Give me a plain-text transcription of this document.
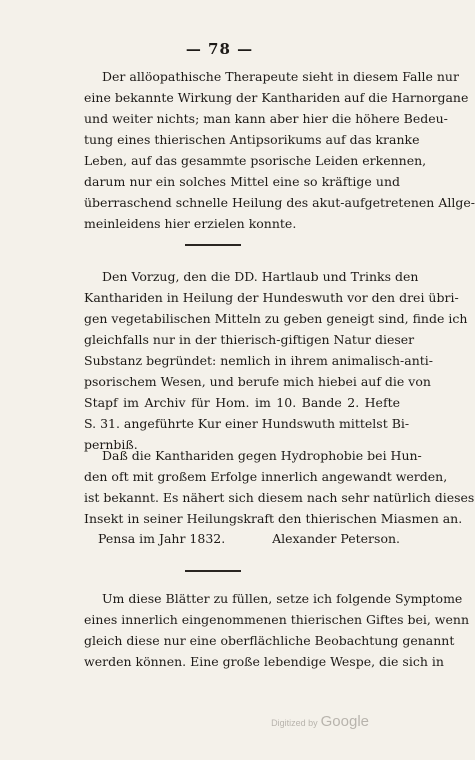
— 78 —
Der allöopathische Therapeute sieht in diesem Falle nur
eine bekannte Wirkung der Kanthariden auf die Harnorgane
und weiter nichts; man kann aber hier die höhere Bedeu-
tung eines thierischen Antipsorikums auf das kranke
Leben, auf das gesammte psorische Leiden erkennen,
darum nur ein solches Mittel eine so kräftige und
überraschend schnelle Heilung des akut-aufgetretenen Allge-
meinleidens hier erzielen konnte.
Den Vorzug, den die DD. Hartlaub und Trinks den
Kanthariden in Heilung der Hundeswuth vor den drei übri-
gen vegetabilischen Mitteln zu geben geneigt sind, finde ich
gleichfalls nur in der thierisch-giftigen Natur dieser
Substanz begründet: nemlich in ihrem animalisch-anti-
psorischem Wesen, und berufe mich hiebei auf die von
Stapf im Archiv für Hom. im 10. Bande 2. Hefte
S. 31. angeführte Kur einer Hundswuth mittelst Bi-
pernbiß.
Daß die Kanthariden gegen Hydrophobie bei Hun-
den oft mit großem Erfolge innerlich angewandt werden,
ist bekannt. Es nähert sich diesem nach sehr natürlich dieses
Insekt in seiner Heilungskraft den thierischen Miasmen an.
Pensa im Jahr 1832.	Alexander Peterson.
Um diese Blätter zu füllen, setze ich folgende Symptome
eines innerlich eingenommenen thierischen Giftes bei, wenn
gleich diese nur eine oberflächliche Beobachtung genannt
werden können. Eine große lebendige Wespe, die sich in
Digitized by Google
